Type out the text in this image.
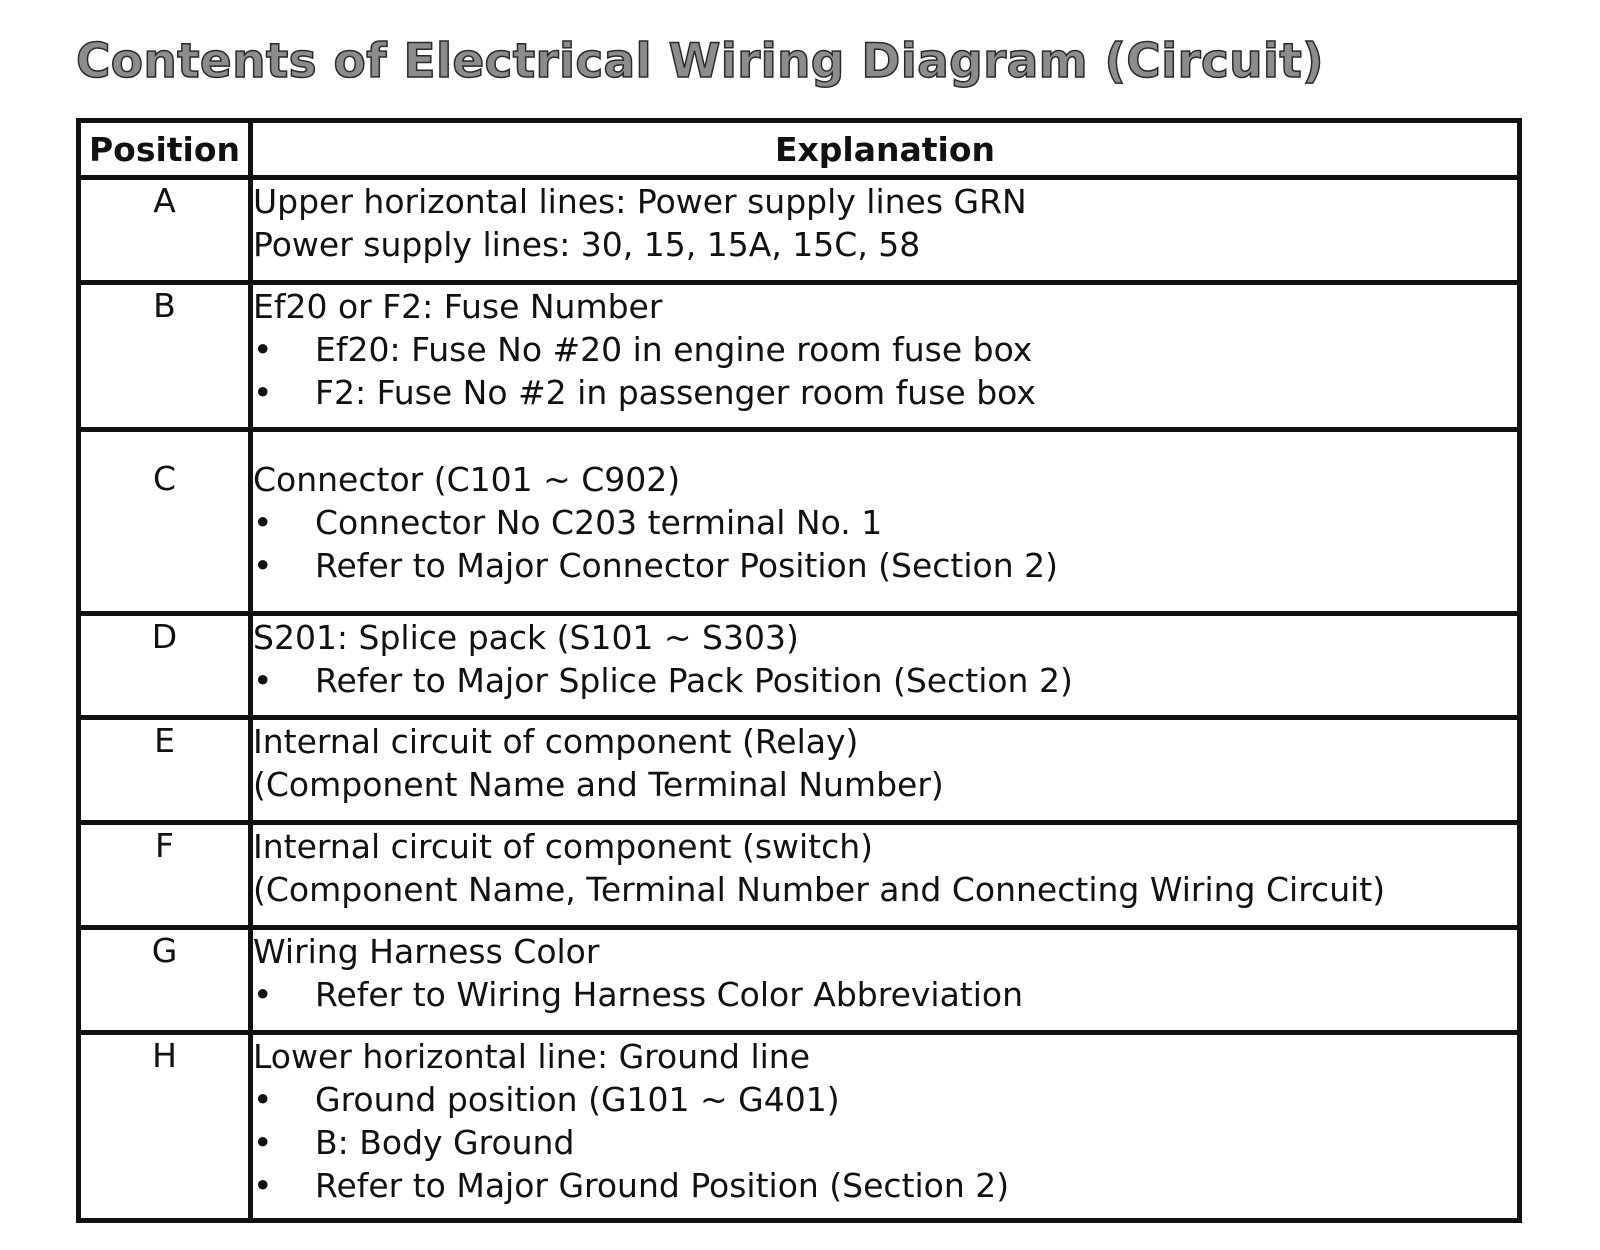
Contents of Electrical Wiring Diagram (Circuit)
Position	Explanation
A	Upper horizontal lines: Power supply lines GRN
Power supply lines: 30, 15, 15A, 15C, 58

B	Ef20 or F2: Fuse Number
• Ef20: Fuse No #20 in engine room fuse box
• F2: Fuse No #2 in passenger room fuse box

C	Connector (C101 ~ C902)
• Connector No C203 terminal No. 1
• Refer to Major Connector Position (Section 2)

D	S201: Splice pack (S101 ~ S303)
• Refer to Major Splice Pack Position (Section 2)

E	Internal circuit of component (Relay)
(Component Name and Terminal Number)

F	Internal circuit of component (switch)
(Component Name, Terminal Number and Connecting Wiring Circuit)

G	Wiring Harness Color
• Refer to Wiring Harness Color Abbreviation

H	Lower horizontal line: Ground line
• Ground position (G101 ~ G401)
• B: Body Ground
• Refer to Major Ground Position (Section 2)
